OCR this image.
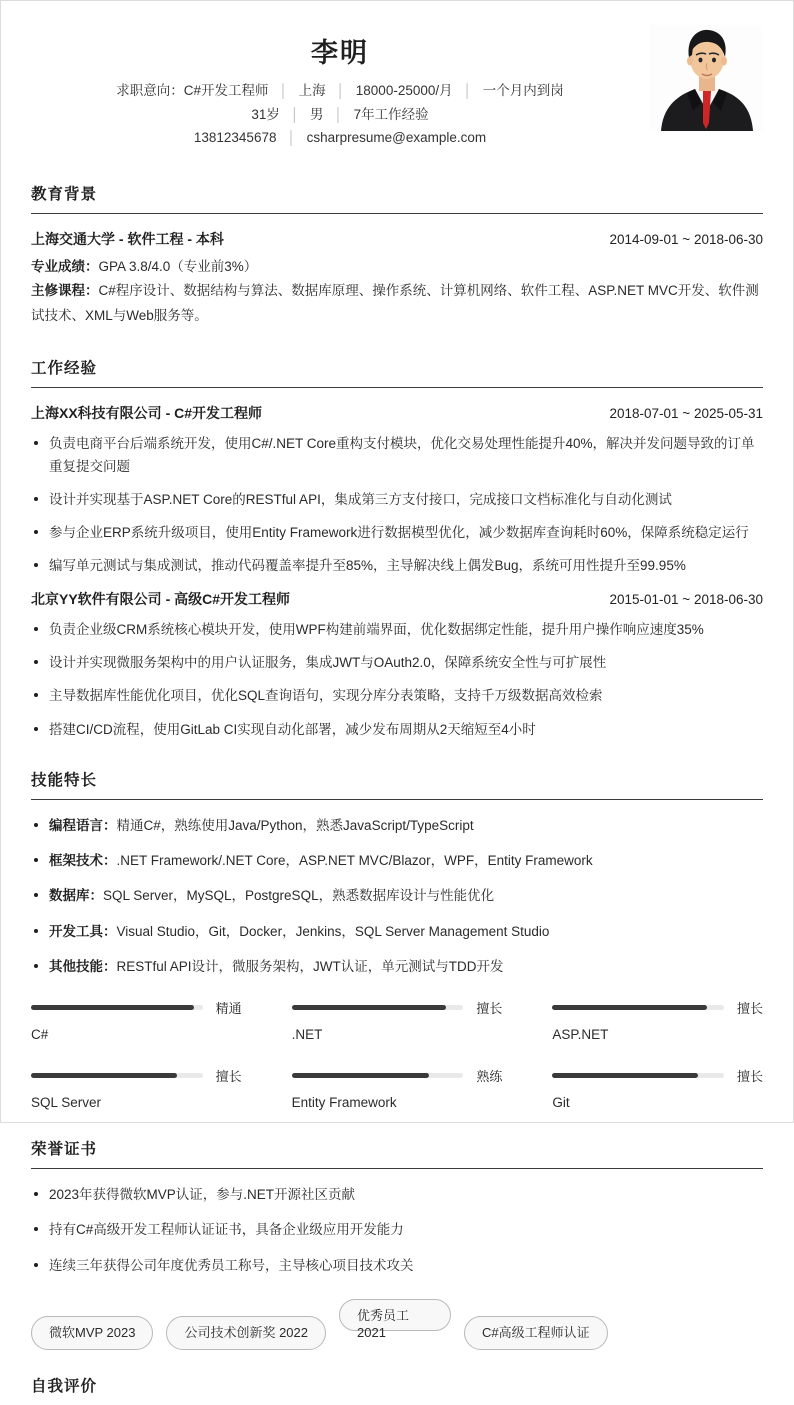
李明
求职意向：C#开发工程师 │ 上海 │ 18000-25000/月 │ 一个月内到岗
31岁 │ 男 │ 7年工作经验
13812345678 │ csharpresume@example.com
教育背景
上海交通大学 - 软件工程 - 本科	2014-09-01 ~ 2018-06-30
专业成绩：GPA 3.8/4.0（专业前3%）
主修课程：C#程序设计、数据结构与算法、数据库原理、操作系统、计算机网络、软件工程、ASP.NET MVC开发、软件测试技术、XML与Web服务等。
工作经验
上海XX科技有限公司 - C#开发工程师	2018-07-01 ~ 2025-05-31
负责电商平台后端系统开发，使用C#/.NET Core重构支付模块，优化交易处理性能提升40%，解决并发问题导致的订单重复提交问题
设计并实现基于ASP.NET Core的RESTful API，集成第三方支付接口，完成接口文档标准化与自动化测试
参与企业ERP系统升级项目，使用Entity Framework进行数据模型优化，减少数据库查询耗时60%，保障系统稳定运行
编写单元测试与集成测试，推动代码覆盖率提升至85%，主导解决线上偶发Bug，系统可用性提升至99.95%
北京YY软件有限公司 - 高级C#开发工程师	2015-01-01 ~ 2018-06-30
负责企业级CRM系统核心模块开发，使用WPF构建前端界面，优化数据绑定性能，提升用户操作响应速度35%
设计并实现微服务架构中的用户认证服务，集成JWT与OAuth2.0，保障系统安全性与可扩展性
主导数据库性能优化项目，优化SQL查询语句，实现分库分表策略，支持千万级数据高效检索
搭建CI/CD流程，使用GitLab CI实现自动化部署，减少发布周期从2天缩短至4小时
技能特长
编程语言：精通C#，熟练使用Java/Python，熟悉JavaScript/TypeScript
框架技术：.NET Framework/.NET Core，ASP.NET MVC/Blazor，WPF，Entity Framework
数据库：SQL Server，MySQL，PostgreSQL，熟悉数据库设计与性能优化
开发工具：Visual Studio，Git，Docker，Jenkins，SQL Server Management Studio
其他技能：RESTful API设计，微服务架构，JWT认证，单元测试与TDD开发
精通
C#
擅长
.NET
擅长
ASP.NET
擅长
SQL Server
熟练
Entity Framework
擅长
Git
荣誉证书
2023年获得微软MVP认证，参与.NET开源社区贡献
持有C#高级开发工程师认证证书，具备企业级应用开发能力
连续三年获得公司年度优秀员工称号，主导核心项目技术攻关
微软MVP 2023	公司技术创新奖 2022 优秀员工 2021	C#高级工程师认证
自我评价
